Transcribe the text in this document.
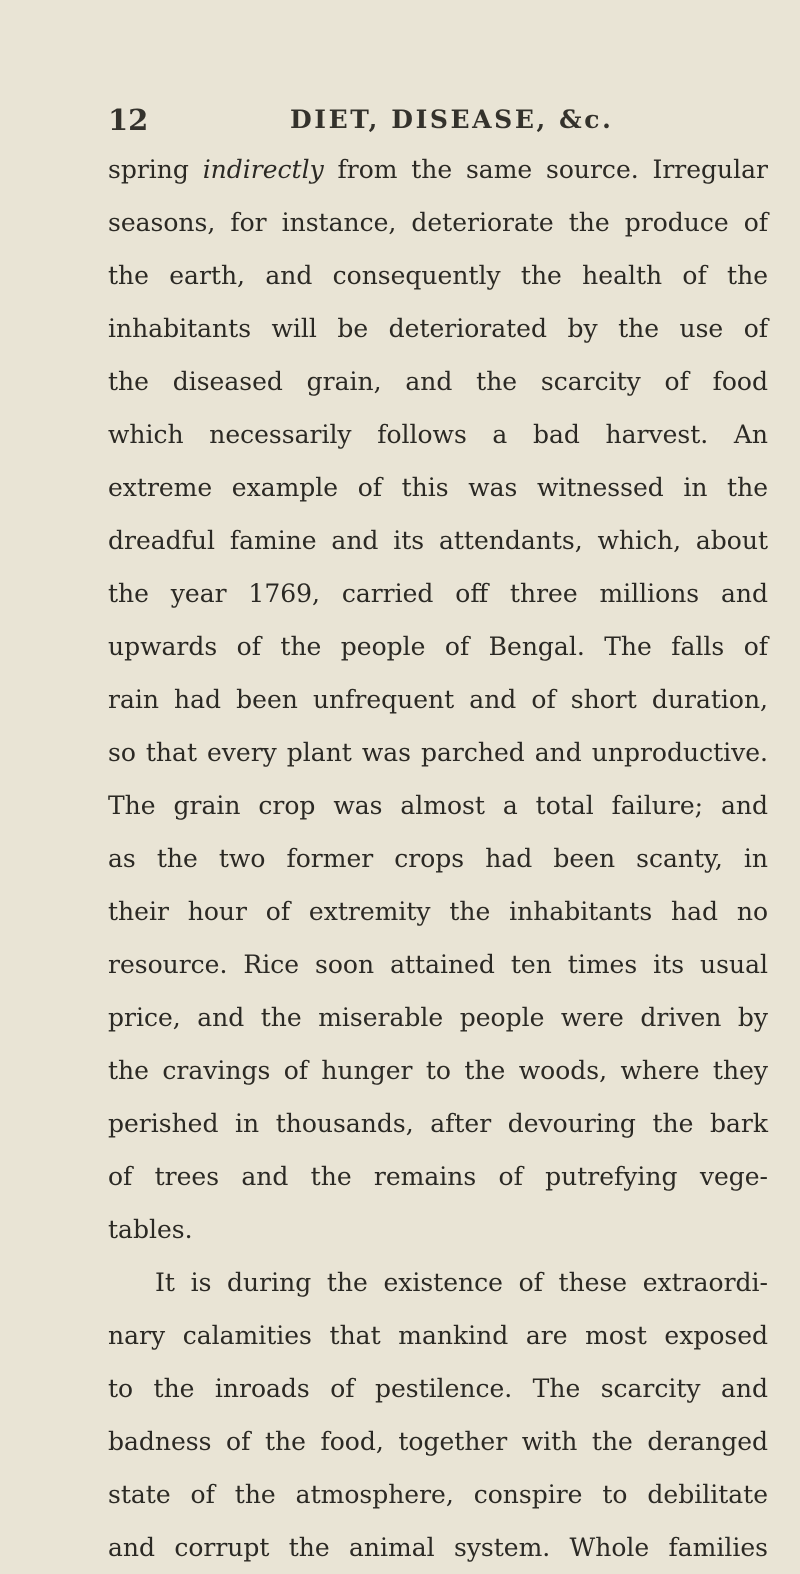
12	DIET, DISEASE, &c.
spring indirectly from the same source. Irregular
seasons, for instance, deteriorate the produce of
the earth, and consequently the health of the
inhabitants will be deteriorated by the use of
the diseased grain, and the scarcity of food
which necessarily follows a bad harvest. An
extreme example of this was witnessed in the
dreadful famine and its attendants, which, about
the year 1769, carried off three millions and
upwards of the people of Bengal. The falls of
rain had been unfrequent and of short duration,
so that every plant was parched and unproductive.
The grain crop was almost a total failure; and
as the two former crops had been scanty, in
their hour of extremity the inhabitants had no
resource. Rice soon attained ten times its usual
price, and the miserable people were driven by
the cravings of hunger to the woods, where they
perished in thousands, after devouring the bark
of trees and the remains of putrefying vege-
tables.
It is during the existence of these extraordi-
nary calamities that mankind are most exposed
to the inroads of pestilence. The scarcity and
badness of the food, together with the deranged
state of the atmosphere, conspire to debilitate
and corrupt the animal system. Whole families
